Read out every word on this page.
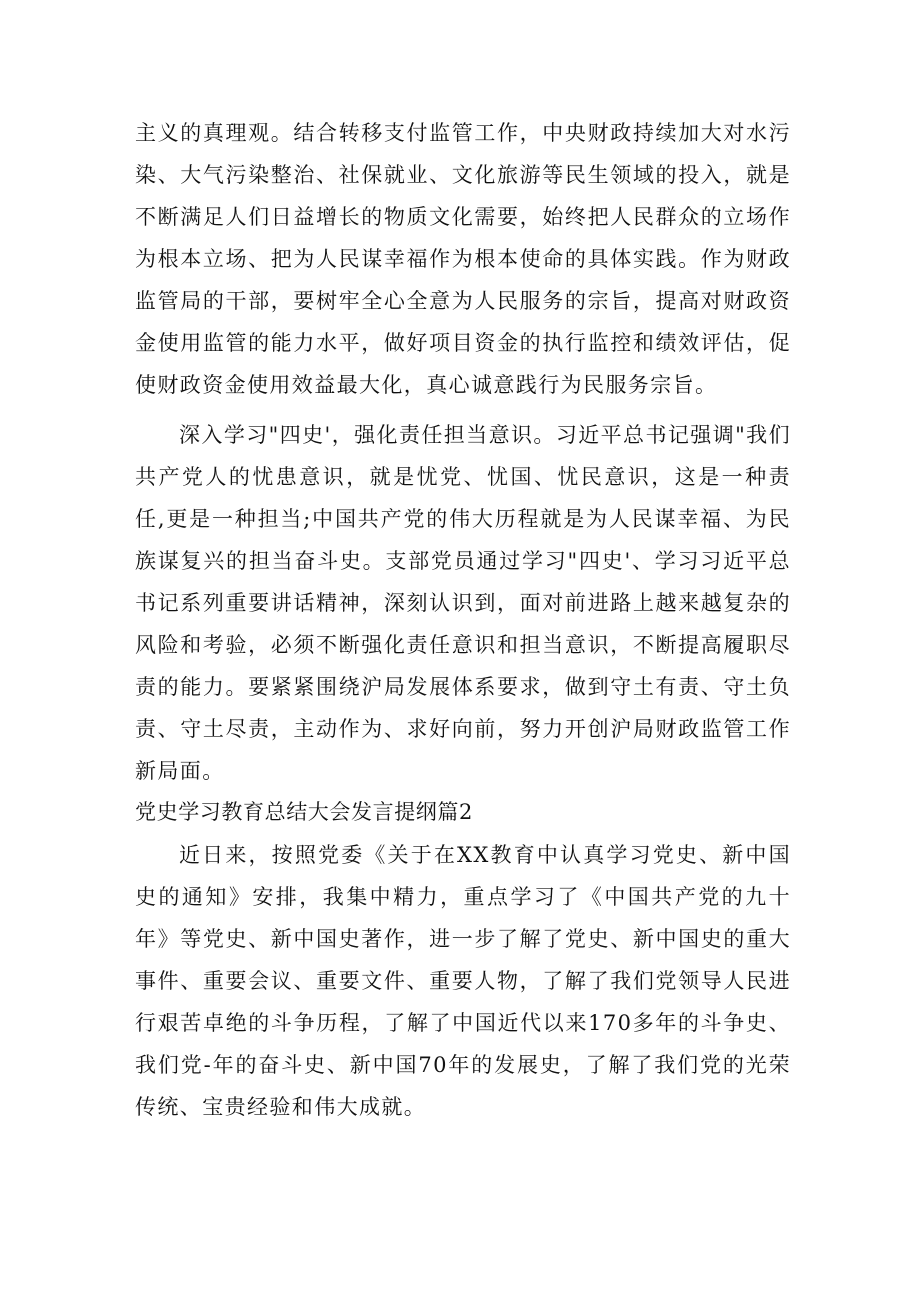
主义的真理观。结合转移支付监管工作，中央财政持续加大对水污染、大气污染整治、社保就业、文化旅游等民生领域的投入，就是不断满足人们日益增长的物质文化需要，始终把人民群众的立场作为根本立场、把为人民谋幸福作为根本使命的具体实践。作为财政监管局的干部，要树牢全心全意为人民服务的宗旨，提高对财政资金使用监管的能力水平，做好项目资金的执行监控和绩效评估，促使财政资金使用效益最大化，真心诚意践行为民服务宗旨。

深入学习"四史'，强化责任担当意识。习近平总书记强调"我们共产党人的忧患意识，就是忧党、忧国、忧民意识，这是一种责任,更是一种担当;中国共产党的伟大历程就是为人民谋幸福、为民族谋复兴的担当奋斗史。支部党员通过学习"四史'、学习习近平总书记系列重要讲话精神，深刻认识到，面对前进路上越来越复杂的风险和考验，必须不断强化责任意识和担当意识，不断提高履职尽责的能力。要紧紧围绕沪局发展体系要求，做到守土有责、守土负责、守土尽责，主动作为、求好向前，努力开创沪局财政监管工作新局面。

党史学习教育总结大会发言提纲篇2

近日来，按照党委《关于在XX教育中认真学习党史、新中国史的通知》安排，我集中精力，重点学习了《中国共产党的九十年》等党史、新中国史著作，进一步了解了党史、新中国史的重大事件、重要会议、重要文件、重要人物，了解了我们党领导人民进行艰苦卓绝的斗争历程，了解了中国近代以来170多年的斗争史、我们党-年的奋斗史、新中国70年的发展史，了解了我们党的光荣传统、宝贵经验和伟大成就。
